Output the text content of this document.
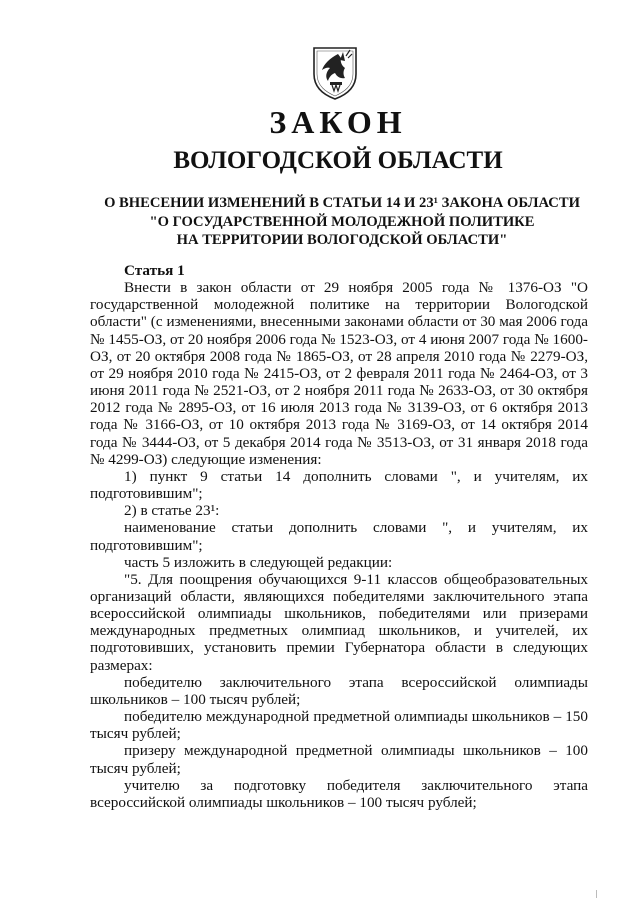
ЗАКОН
ВОЛОГОДСКОЙ ОБЛАСТИ
О ВНЕСЕНИИ ИЗМЕНЕНИЙ В СТАТЬИ 14 И 23¹ ЗАКОНА ОБЛАСТИ
"О ГОСУДАРСТВЕННОЙ МОЛОДЕЖНОЙ ПОЛИТИКЕ
НА ТЕРРИТОРИИ ВОЛОГОДСКОЙ ОБЛАСТИ"
Статья 1

Внести в закон области от 29 ноября 2005 года № 1376-ОЗ "О государственной молодежной политике на территории Вологодской области" (с изменениями, внесенными законами области от 30 мая 2006 года № 1455-ОЗ, от 20 ноября 2006 года № 1523-ОЗ, от 4 июня 2007 года № 1600-ОЗ, от 20 октября 2008 года № 1865-ОЗ, от 28 апреля 2010 года № 2279-ОЗ, от 29 ноября 2010 года № 2415-ОЗ, от 2 февраля 2011 года № 2464-ОЗ, от 3 июня 2011 года № 2521-ОЗ, от 2 ноября 2011 года № 2633-ОЗ, от 30 октября 2012 года № 2895-ОЗ, от 16 июля 2013 года № 3139-ОЗ, от 6 октября 2013 года № 3166-ОЗ, от 10 октября 2013 года № 3169-ОЗ, от 14 октября 2014 года № 3444-ОЗ, от 5 декабря 2014 года № 3513-ОЗ, от 31 января 2018 года № 4299-ОЗ) следующие изменения:

1) пункт 9 статьи 14 дополнить словами ", и учителям, их подготовившим";

2) в статье 23¹:

наименование статьи дополнить словами ", и учителям, их подготовившим";

часть 5 изложить в следующей редакции:

"5. Для поощрения обучающихся 9-11 классов общеобразовательных организаций области, являющихся победителями заключительного этапа всероссийской олимпиады школьников, победителями или призерами международных предметных олимпиад школьников, и учителей, их подготовивших, установить премии Губернатора области в следующих размерах:

победителю заключительного этапа всероссийской олимпиады школьников – 100 тысяч рублей;

победителю международной предметной олимпиады школьников – 150 тысяч рублей;

призеру международной предметной олимпиады школьников – 100 тысяч рублей;

учителю за подготовку победителя заключительного этапа всероссийской олимпиады школьников – 100 тысяч рублей;
